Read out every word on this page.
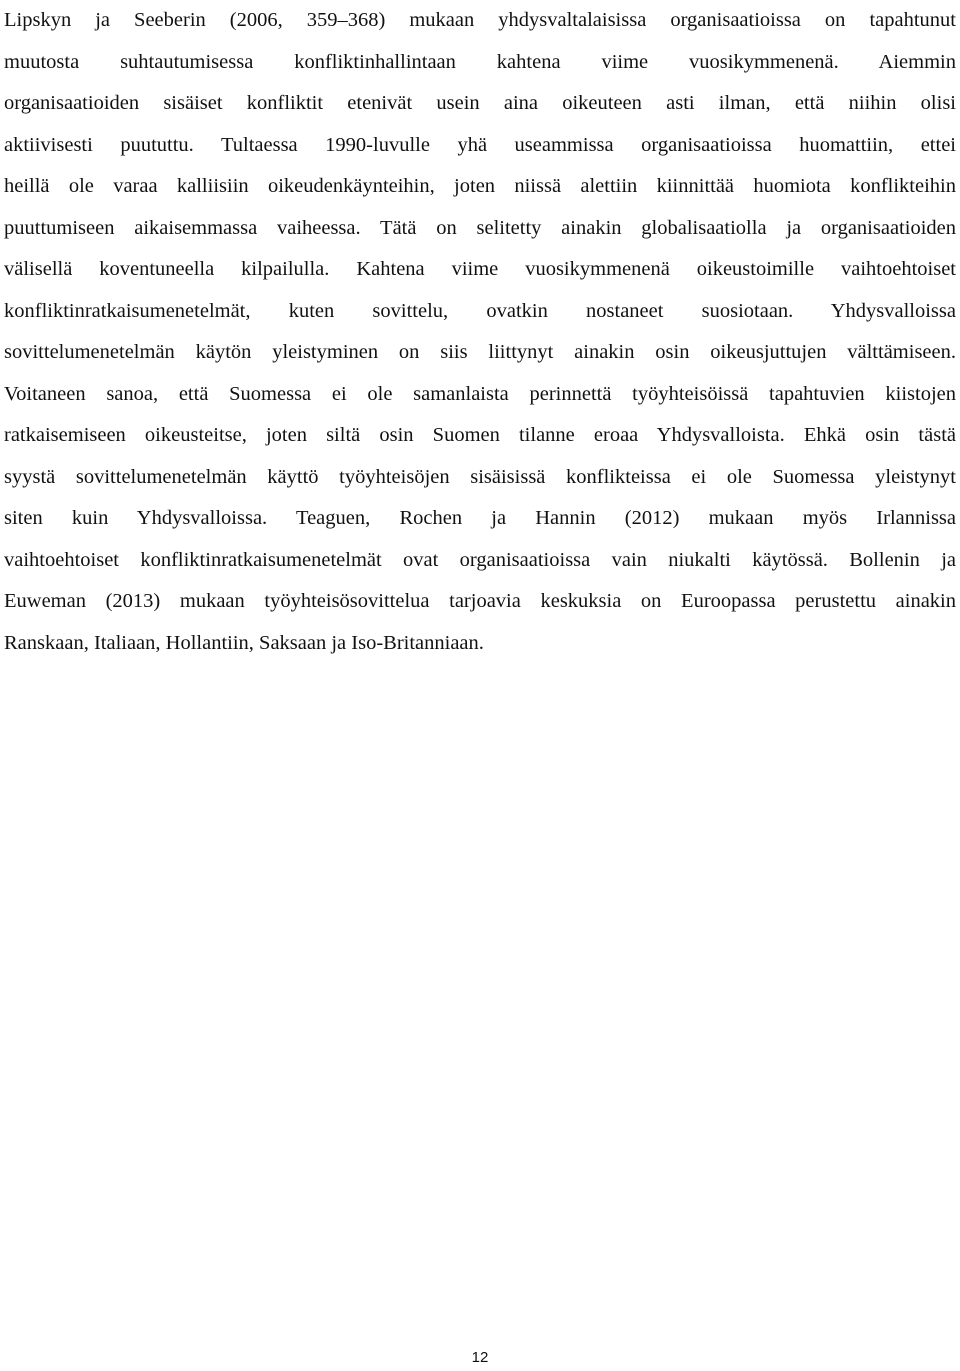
Lipskyn ja Seeberin (2006, 359–368) mukaan yhdysvaltalaisissa organisaatioissa on tapahtunut
muutosta suhtautumisessa konfliktinhallintaan kahtena viime vuosikymmenenä. Aiemmin
organisaatioiden sisäiset konfliktit etenivät usein aina oikeuteen asti ilman, että niihin olisi
aktiivisesti puututtu. Tultaessa 1990-luvulle yhä useammissa organisaatioissa huomattiin, ettei
heillä ole varaa kalliisiin oikeudenkäynteihin, joten niissä alettiin kiinnittää huomiota konflikteihin
puuttumiseen aikaisemmassa vaiheessa. Tätä on selitetty ainakin globalisaatiolla ja organisaatioiden
välisellä koventuneella kilpailulla. Kahtena viime vuosikymmenenä oikeustoimille vaihtoehtoiset
konfliktinratkaisumenetelmät, kuten sovittelu, ovatkin nostaneet suosiotaan. Yhdysvalloissa
sovittelumenetelmän käytön yleistyminen on siis liittynyt ainakin osin oikeusjuttujen välttämiseen.
Voitaneen sanoa, että Suomessa ei ole samanlaista perinnettä työyhteisöissä tapahtuvien kiistojen
ratkaisemiseen oikeusteitse, joten siltä osin Suomen tilanne eroaa Yhdysvalloista. Ehkä osin tästä
syystä sovittelumenetelmän käyttö työyhteisöjen sisäisissä konflikteissa ei ole Suomessa yleistynyt
siten kuin Yhdysvalloissa. Teaguen, Rochen ja Hannin (2012) mukaan myös Irlannissa
vaihtoehtoiset konfliktinratkaisumenetelmät ovat organisaatioissa vain niukalti käytössä. Bollenin ja
Euweman (2013) mukaan työyhteisösovittelua tarjoavia keskuksia on Euroopassa perustettu ainakin
Ranskaan, Italiaan, Hollantiin, Saksaan ja Iso-Britanniaan.
12
